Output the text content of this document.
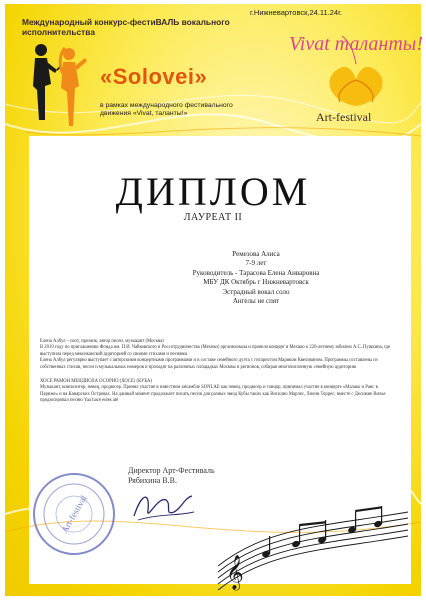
г.Нижневартовск,24.11.24г.
Международный конкурс-фестиВАЛЬ вокального исполнительства
«Solovei»
в рамках международного фестивального движения «Vivat, таланты!»
Vivat таланты!
Art-festival
ДИПЛОМ
ЛАУРЕАТ II
Ремезова Алиса
7-9 лет
Руководитель - Тарасова Елена Анваровна
МБУ ДК Октябрь г Нижневартовск
Эстрадный вокал соло
Ангелы не спят

Елена Албул – поэт, прозаик, автор песен, музыкант (Москва)

В 2019 году по приглашению Фонда им. П.И. Чайковского и Россотрудничества (Мехико) организовала и провела концерт в Мехико к 220-летнему юбилею А.С. Пушкина, где выступила перед мексиканской аудиторией со своими стихами и песнями.

Елена Албул регулярно выступает с авторскими концертными программами и в составе семейного дуэта с гитаристом Мариком Квеликяном. Программы составлены из собственных стихов, песен и музыкальных номеров и проходят на различных площадках Москвы и регионов, собирая многочисленную семейную аудиторию

ХОСЕ РАМОН МЕНДИОЛА ОСОРИО (ХОСЕ) (КУБА)

Музыкант, композитор, певец, продюсер. Принял участие в известном ансамбле SONLAE как певец, продюсер и танцор, принимал участие в концерте «Малако и Ранс в Париже» и на Канарских Островах. На данный момент продолжает писать песни для разных звезд Кубы таких как Висилио Марлес, Лиони Торрес, вместе с Десимие Вилье продюсировал песню Yaa hace eoles até

Директор Арт-Фестиваль
Рябихина В.В.
Art-festival
𝄞
